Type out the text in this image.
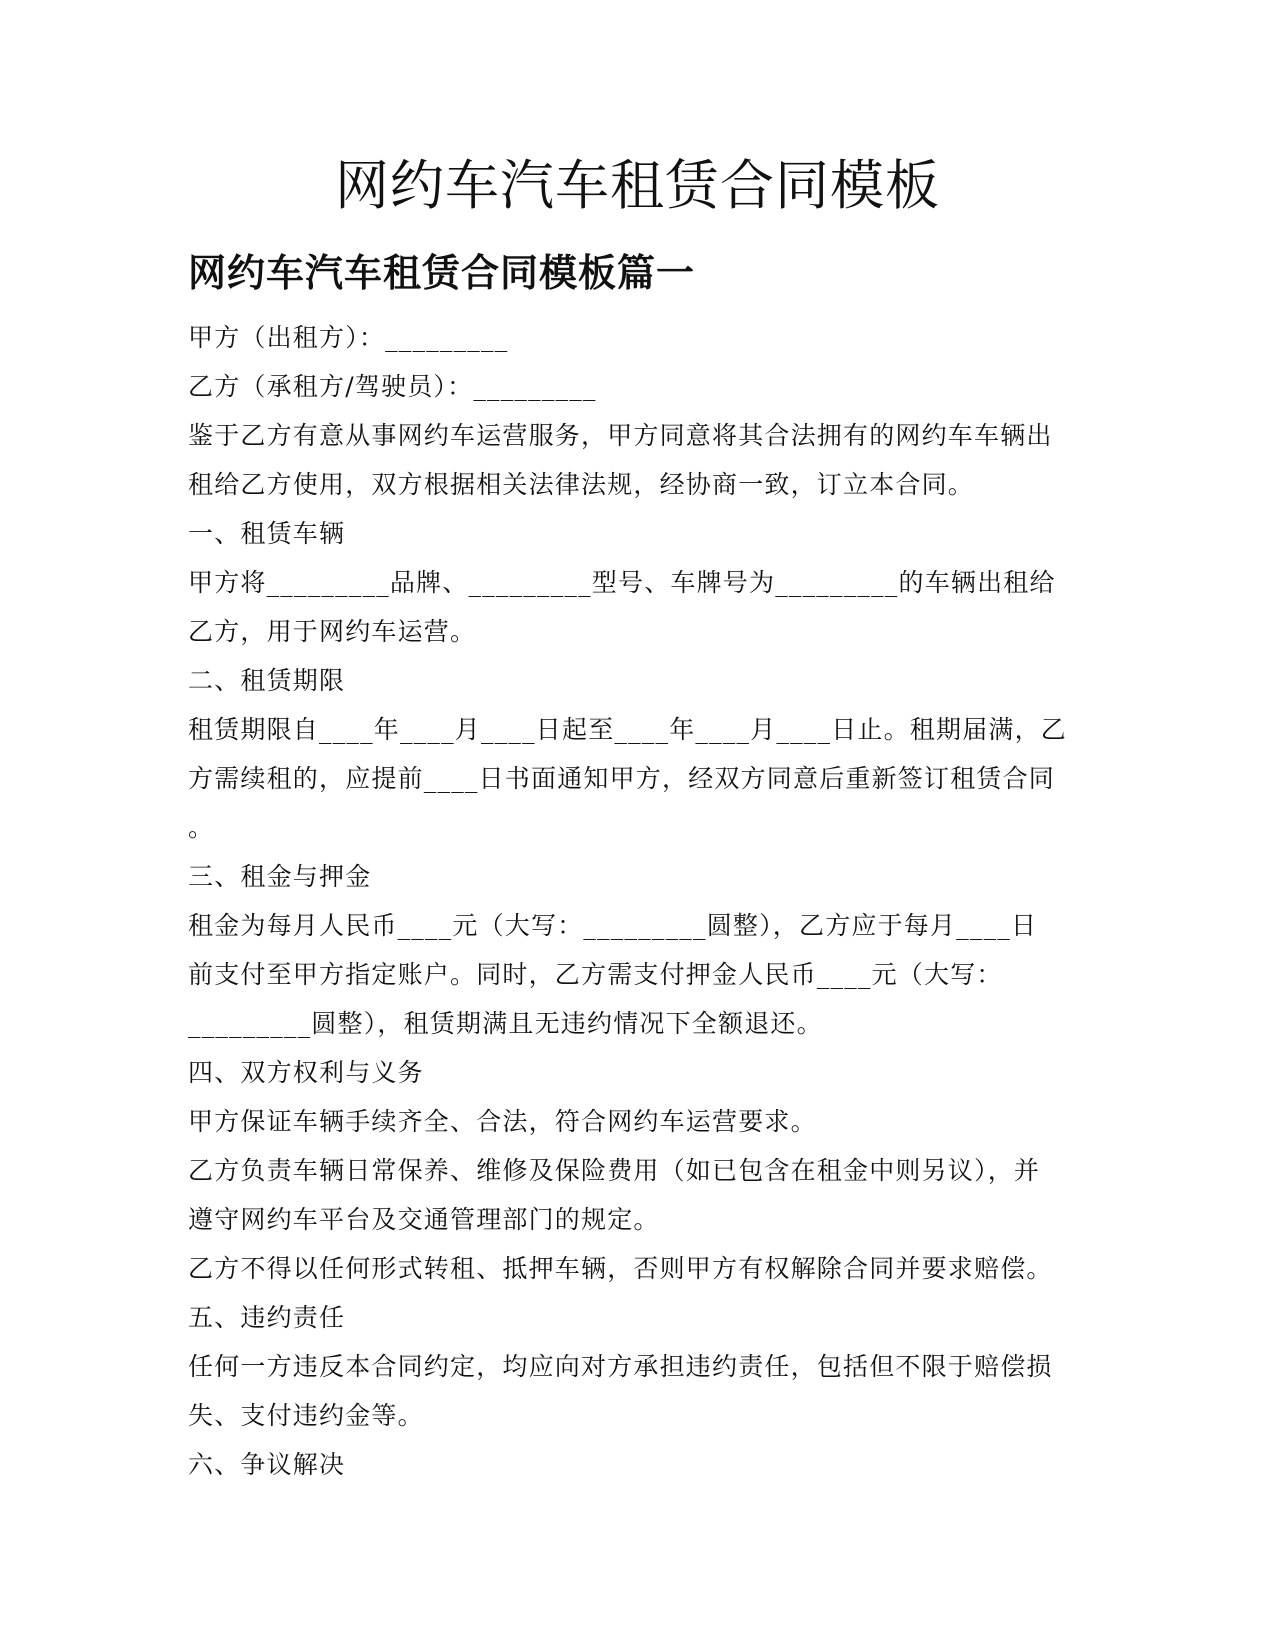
网约车汽车租赁合同模板
网约车汽车租赁合同模板篇一
甲方（出租方）：_________
乙方（承租方/驾驶员）：_________
鉴于乙方有意从事网约车运营服务，甲方同意将其合法拥有的网约车车辆出
租给乙方使用，双方根据相关法律法规，经协商一致，订立本合同。
一、租赁车辆
甲方将_________品牌、_________型号、车牌号为_________的车辆出租给
乙方，用于网约车运营。
二、租赁期限
租赁期限自____年____月____日起至____年____月____日止。租期届满，乙
方需续租的，应提前____日书面通知甲方，经双方同意后重新签订租赁合同
。
三、租金与押金
租金为每月人民币____元（大写：_________圆整），乙方应于每月____日
前支付至甲方指定账户。同时，乙方需支付押金人民币____元（大写：
_________圆整），租赁期满且无违约情况下全额退还。
四、双方权利与义务
甲方保证车辆手续齐全、合法，符合网约车运营要求。
乙方负责车辆日常保养、维修及保险费用（如已包含在租金中则另议），并
遵守网约车平台及交通管理部门的规定。
乙方不得以任何形式转租、抵押车辆，否则甲方有权解除合同并要求赔偿。
五、违约责任
任何一方违反本合同约定，均应向对方承担违约责任，包括但不限于赔偿损
失、支付违约金等。
六、争议解决
